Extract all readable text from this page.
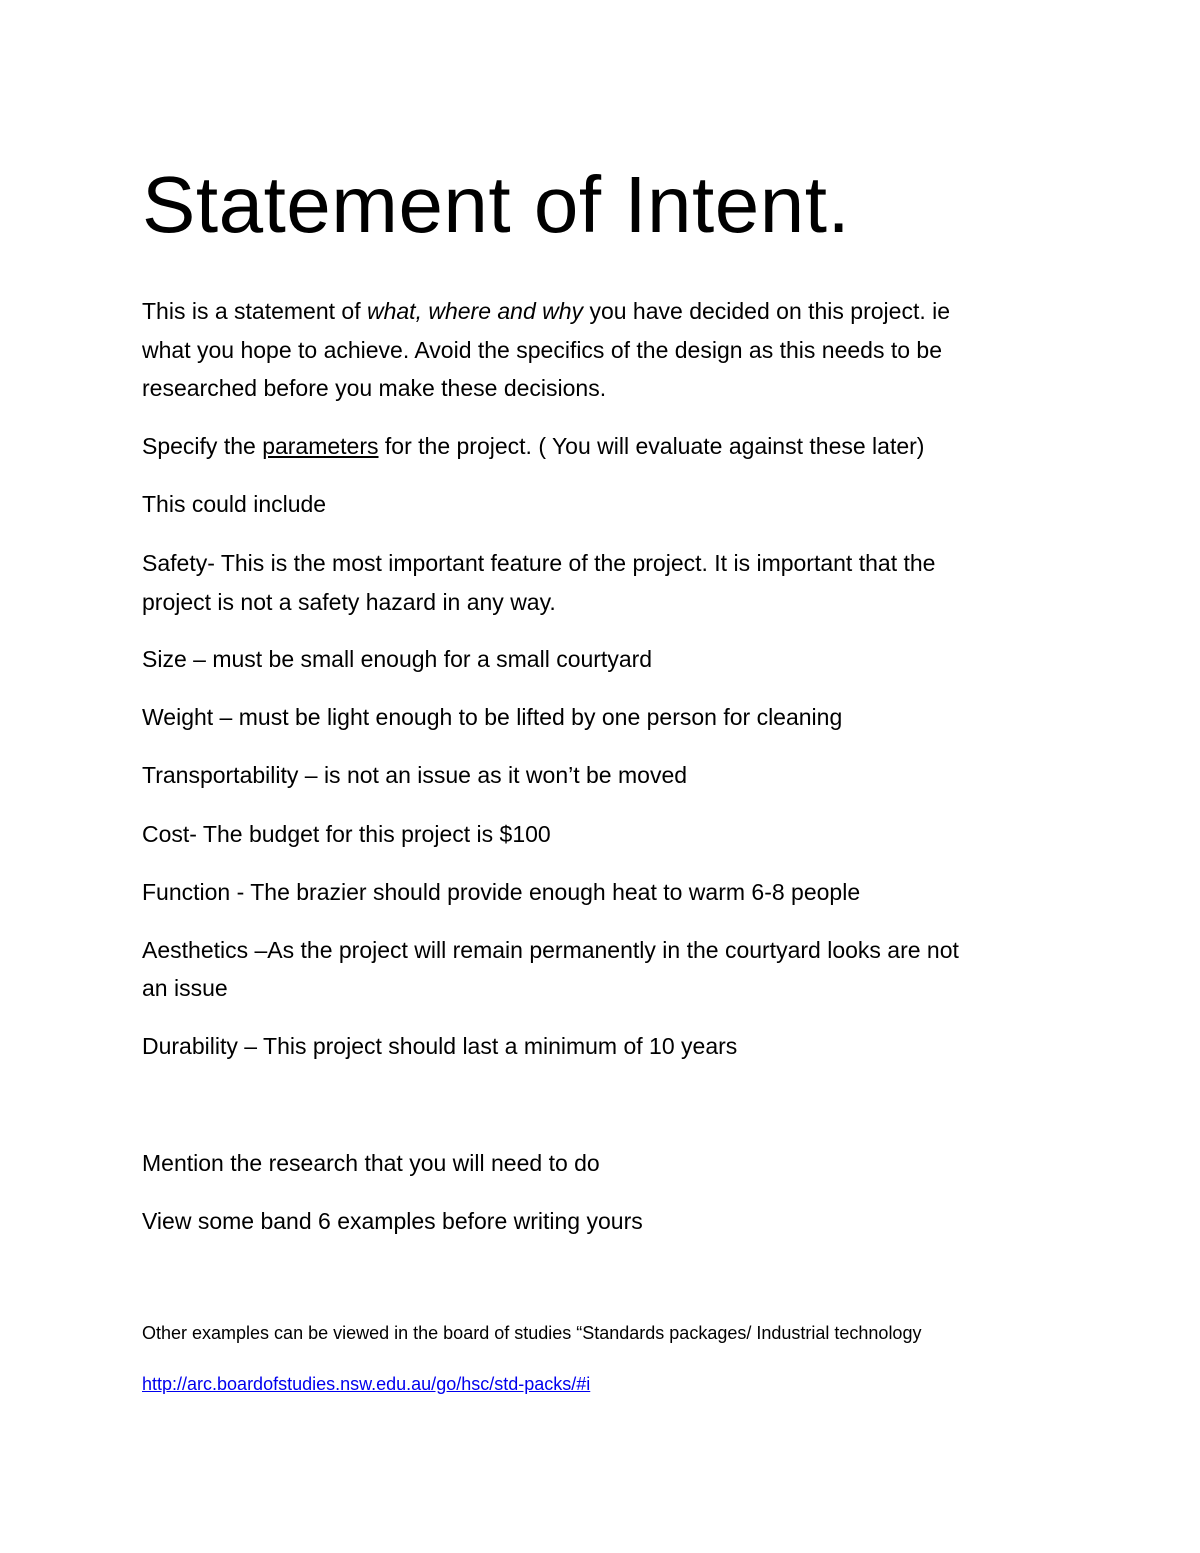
Statement of Intent.

This is a statement of what, where and why you have decided on this project. ie

what you hope to achieve. Avoid the specifics of the design as this needs to be

researched before you make these decisions.

Specify the parameters for the project. ( You will evaluate against these later)

This could include

Safety- This is the most important feature of the project. It is important that the

project is not a safety hazard in any way.

Size – must be small enough for a small courtyard

Weight – must be light enough to be lifted by one person for cleaning

Transportability – is not an issue as it won’t be moved

Cost- The budget for this project is $100

Function - The brazier should provide enough heat to warm 6-8 people

Aesthetics –As the project will remain permanently in the courtyard looks are not

an issue

Durability – This project should last a minimum of 10 years

Mention the research that you will need to do

View some band 6 examples before writing yours

Other examples can be viewed in the board of studies “Standards packages/ Industrial technology

http://arc.boardofstudies.nsw.edu.au/go/hsc/std-packs/#i
